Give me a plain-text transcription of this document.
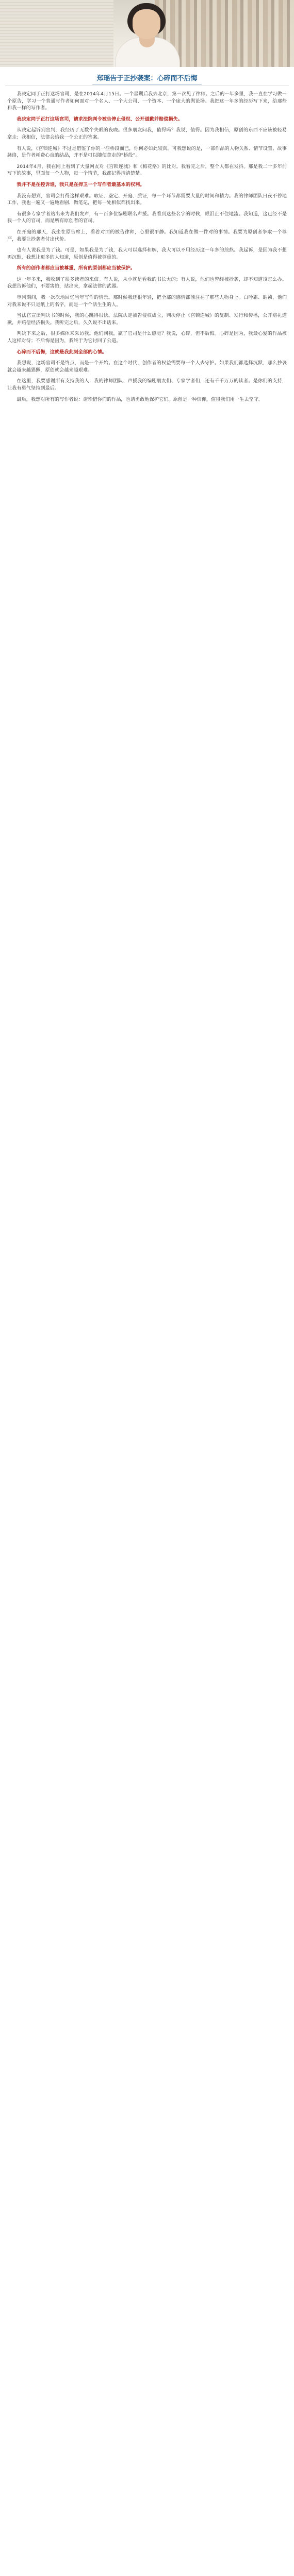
郑瑶告于正抄袭案：心碎而不后悔

我决定同于正打这场官司，是在2014年4月15日。一个星期后我去北京，第一次见了律师。之后的一年多里，我一直在学习做一个原告，学习一个普通写作者如何面对一个名人、一个大公司、一个资本、一个庞大的舆论场。我把这一年多的经历写下来，给那些和我一样的写作者。

我决定同于正打这场官司，请求法院判令被告停止侵权、公开道歉并赔偿损失。

从决定起诉到宣判，我经历了无数个失眠的夜晚。很多朋友问我，值得吗？我说，值得。因为我相信，原创的东西不应该被轻易拿走；我相信，法律会给我一个公正的答案。

有人说，《宫锁连城》不过是借鉴了你的一些桥段而已，你何必如此较真。可我想说的是，一部作品的人物关系、情节设置、故事脉络，是作者耗费心血的结晶，并不是可以随便拿走的“桥段”。

2014年4月，我在网上看到了大量网友对《宫锁连城》和《梅花烙》的比对。我看完之后，整个人都在发抖。那是我二十多年前写下的故事，里面每一个人物，每一个情节，我都记得清清楚楚。

我并不是在控诉谁，我只是在捍卫一个写作者最基本的权利。

我没有想到，官司会打得这样艰难。取证、鉴定、开庭、质证，每一个环节都需要大量的时间和精力。我的律师团队日夜不停地工作，我也一遍又一遍地看剧、做笔记，把每一处相似都找出来。

有很多专家学者站出来为我们发声，有一百多位编剧联名声援。我看到这些名字的时候，眼泪止不住地流。我知道，这已经不是我一个人的官司，而是所有原创者的官司。

在开庭的那天，我坐在原告席上，看着对面的被告律师，心里很平静。我知道我在做一件对的事情。我要为原创者争取一个尊严，我要让抄袭者付出代价。

也有人说我是为了钱。可是，如果我是为了钱，我大可以选择和解，我大可以不用经历这一年多的煎熬。我起诉，是因为我不想再沉默，我想让更多的人知道，原创是值得被尊重的。

所有的创作者都应当被尊重，所有的原创都应当被保护。

这一年多来，我收到了很多读者的来信。有人说，从小就是看我的书长大的；有人说，他们也曾经被抄袭，却不知道该怎么办。我想告诉他们，不要害怕，站出来，拿起法律的武器。

审判期间，我一次次地回忆当年写作的情景。那时候我还很年轻，把全部的感情都倾注在了那些人物身上。白吟霜、皓祯，他们对我来说不只是纸上的名字，而是一个个活生生的人。

当法官宣读判决书的时候，我的心跳得很快。法院认定被告侵权成立，判决停止《宫锁连城》的复制、发行和传播，公开赔礼道歉，并赔偿经济损失。我听完之后，久久说不出话来。

判决下来之后，很多媒体来采访我。他们问我，赢了官司是什么感觉？我说，心碎，但不后悔。心碎是因为，我最心爱的作品被人这样对待；不后悔是因为，我终于为它讨回了公道。

心碎而不后悔，这就是我此刻全部的心情。

我想说，这场官司不是终点，而是一个开始。在这个时代，创作者的权益需要每一个人去守护。如果我们都选择沉默，那么抄袭就会越来越猖獗，原创就会越来越艰难。

在这里，我要感谢所有支持我的人：我的律师团队、声援我的编剧朋友们、专家学者们，还有千千万万的读者。是你们的支持，让我有勇气坚持到最后。

最后，我想对所有的写作者说：请珍惜你们的作品，也请勇敢地保护它们。原创是一种信仰，值得我们用一生去坚守。
